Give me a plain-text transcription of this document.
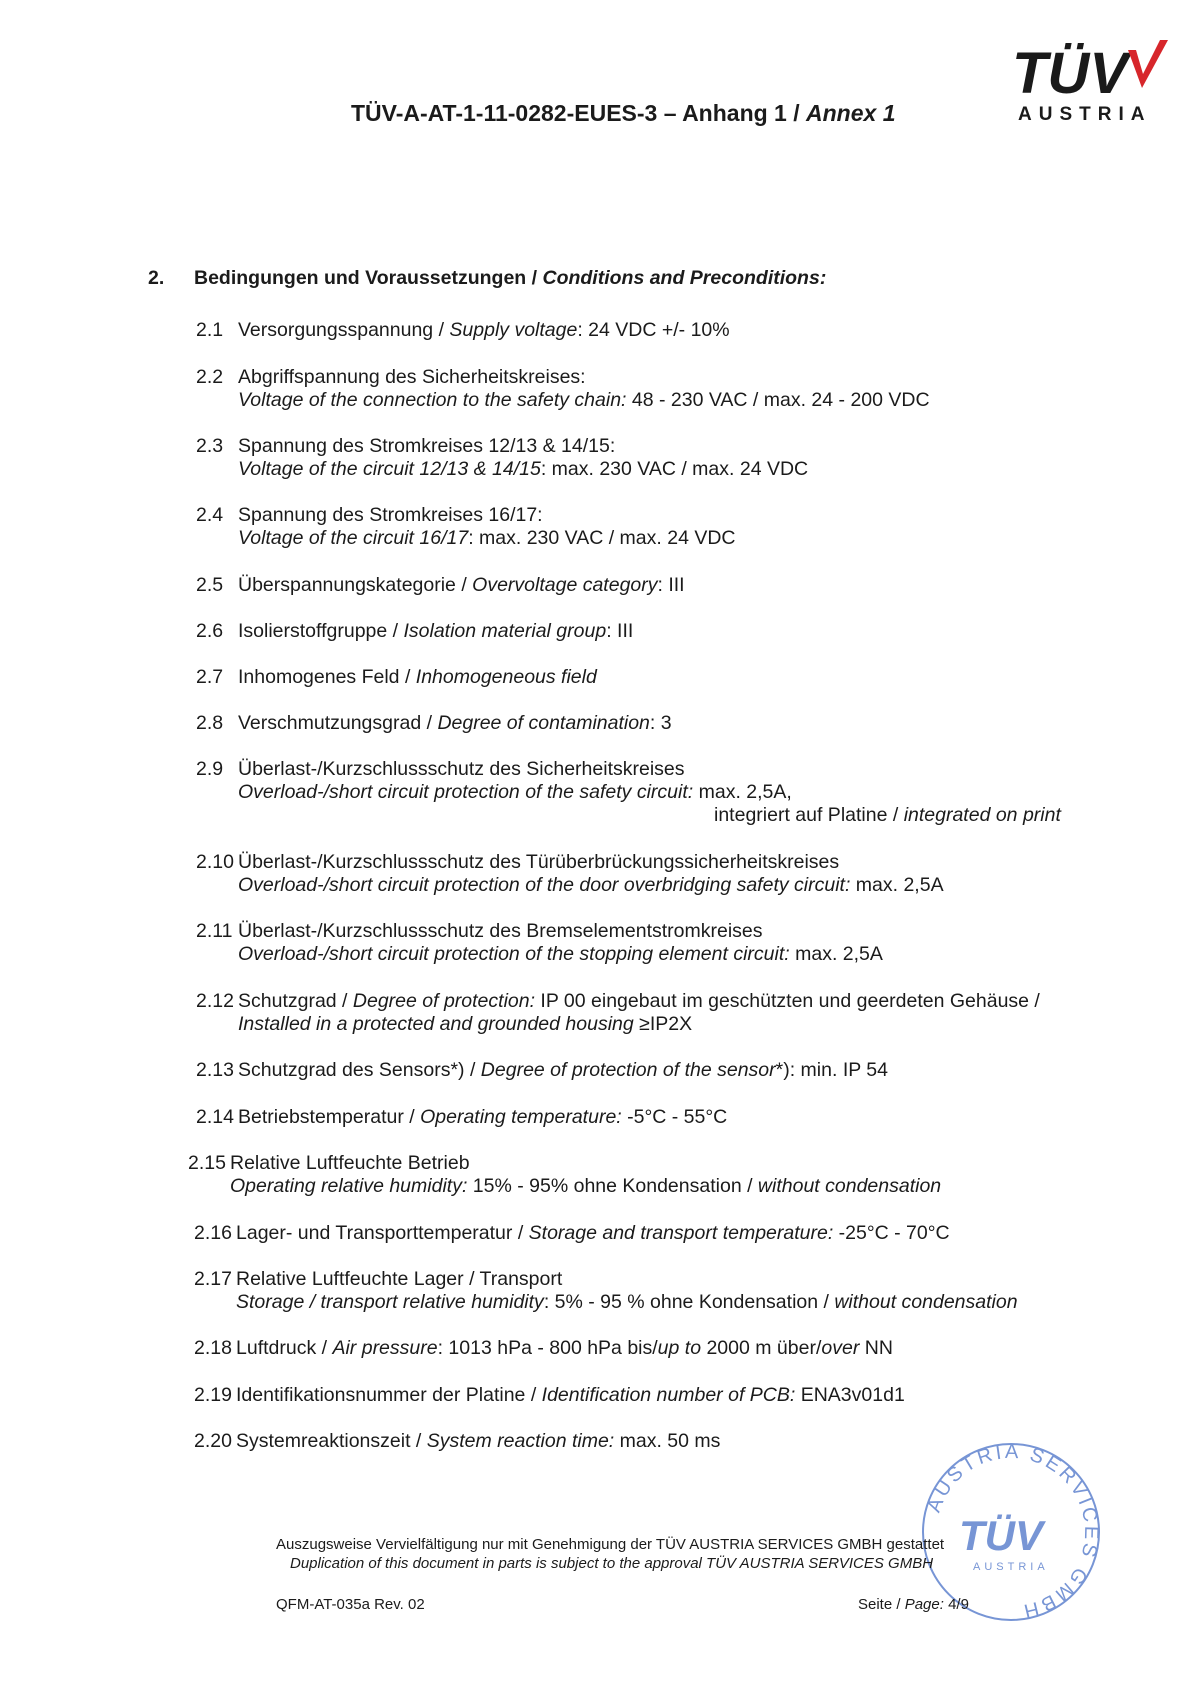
TÜV-A-AT-1-11-0282-EUES-3 – Anhang 1 / Annex 1
TÜV
AUSTRIA
2. Bedingungen und Voraussetzungen / Conditions and Preconditions:
2.1 Versorgungsspannung / Supply voltage: 24 VDC +/- 10%
2.2 Abgriffspannung des Sicherheitskreises:
Voltage of the connection to the safety chain: 48 - 230 VAC / max. 24 - 200 VDC
2.3 Spannung des Stromkreises 12/13 & 14/15:
Voltage of the circuit 12/13 & 14/15: max. 230 VAC / max. 24 VDC
2.4 Spannung des Stromkreises 16/17:
Voltage of the circuit 16/17: max. 230 VAC / max. 24 VDC
2.5 Überspannungskategorie / Overvoltage category: III
2.6 Isolierstoffgruppe / Isolation material group: III
2.7 Inhomogenes Feld / Inhomogeneous field
2.8 Verschmutzungsgrad / Degree of contamination: 3
2.9 Überlast-/Kurzschlussschutz des Sicherheitskreises
Overload-/short circuit protection of the safety circuit: max. 2,5A,
integriert auf Platine / integrated on print
2.10 Überlast-/Kurzschlussschutz des Türüberbrückungssicherheitskreises
Overload-/short circuit protection of the door overbridging safety circuit: max. 2,5A
2.11 Überlast-/Kurzschlussschutz des Bremselementstromkreises
Overload-/short circuit protection of the stopping element circuit: max. 2,5A
2.12 Schutzgrad / Degree of protection: IP 00 eingebaut im geschützten und geerdeten Gehäuse /
Installed in a protected and grounded housing ≥IP2X
2.13 Schutzgrad des Sensors*) / Degree of protection of the sensor*): min. IP 54
2.14 Betriebstemperatur / Operating temperature: -5°C - 55°C
2.15 Relative Luftfeuchte Betrieb
Operating relative humidity: 15% - 95% ohne Kondensation / without condensation
2.16 Lager- und Transporttemperatur / Storage and transport temperature: -25°C - 70°C
2.17 Relative Luftfeuchte Lager / Transport
Storage / transport relative humidity: 5% - 95 % ohne Kondensation / without condensation
2.18 Luftdruck / Air pressure: 1013 hPa - 800 hPa bis/up to 2000 m über/over NN
2.19 Identifikationsnummer der Platine / Identification number of PCB: ENA3v01d1
2.20 Systemreaktionszeit / System reaction time: max. 50 ms
AUSTRIA SERVICES GMBH
TÜV
AUSTRIA
Auszugsweise Vervielfältigung nur mit Genehmigung der TÜV AUSTRIA SERVICES GMBH gestattet
Duplication of this document in parts is subject to the approval TÜV AUSTRIA SERVICES GMBH
QFM-AT-035a Rev. 02	Seite / Page: 4/9
